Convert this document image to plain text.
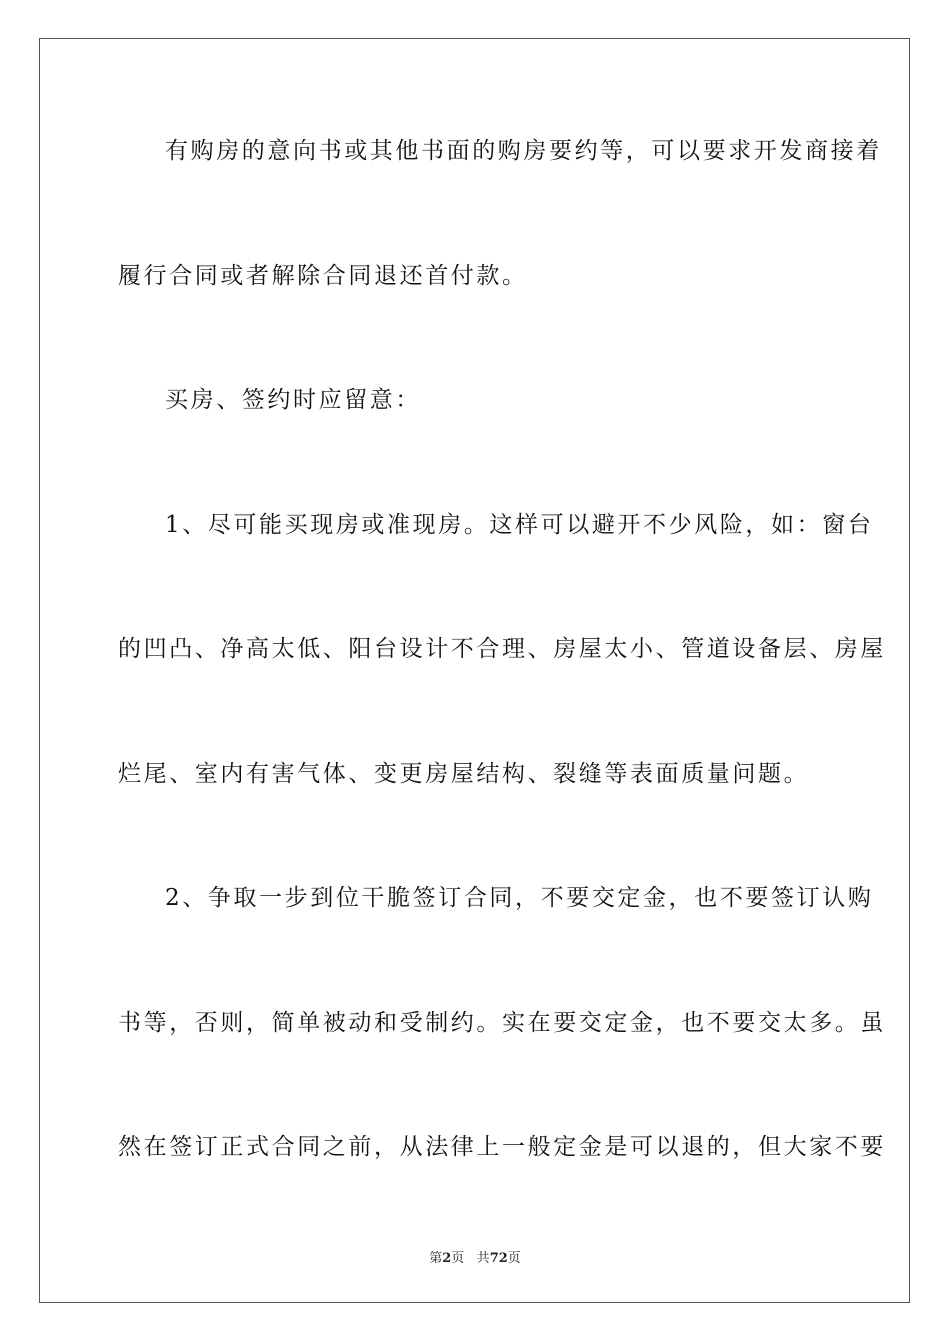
有购房的意向书或其他书面的购房要约等，可以要求开发商接着
履行合同或者解除合同退还首付款。
买房、签约时应留意：
1、尽可能买现房或准现房。这样可以避开不少风险，如：窗台
的凹凸、净高太低、阳台设计不合理、房屋太小、管道设备层、房屋
烂尾、室内有害气体、变更房屋结构、裂缝等表面质量问题。
2、争取一步到位干脆签订合同，不要交定金，也不要签订认购
书等，否则，简单被动和受制约。实在要交定金，也不要交太多。虽
然在签订正式合同之前，从法律上一般定金是可以退的，但大家不要
第2页 共72页
